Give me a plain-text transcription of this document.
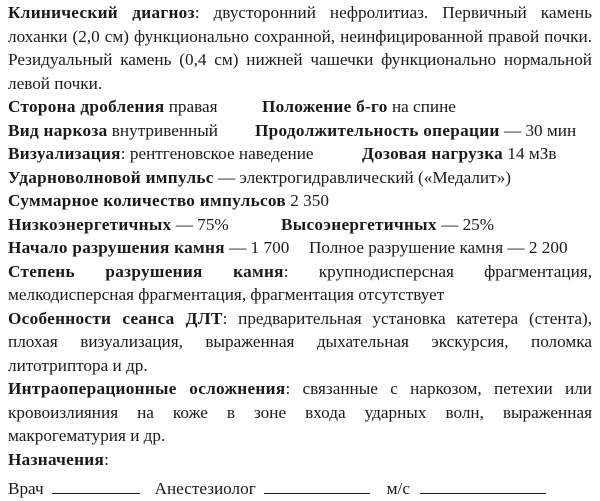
Клинический диагноз: двусторонний нефролитиаз. Первичный камень лоханки (2,0 см) функционально сохранной, неинфицированной правой почки. Резидуальный камень (0,4 см) нижней чашечки функционально нормальной левой почки.

Сторона дробления правая	Положение б-го на спине
Вид наркоза внутривенный Продолжительность операции — 30 мин
Визуализация: рентгеновское наведение	Дозовая нагрузка 14 мЗв
Ударноволновой импульс — электрогидравлический («Медалит»)
Суммарное количество импульсов 2 350
Низкоэнергетичных — 75%	Высоэнергетичных — 25%
Начало разрушения камня — 1 700 Полное разрушение камня — 2 200

Степень разрушения камня: крупнодисперсная фрагментация, мелкодисперсная фрагментация, фрагментация отсутствует

Особенности сеанса ДЛТ: предварительная установка катетера (стента), плохая визуализация, выраженная дыхательная экскурсия, поломка литотриптора и др.

Интраоперационные осложнения: связанные с наркозом, петехии или кровоизлияния на коже в зоне входа ударных волн, выраженная макрогематурия и др.

Назначения:

Врач	Анестезиолог	м/с
